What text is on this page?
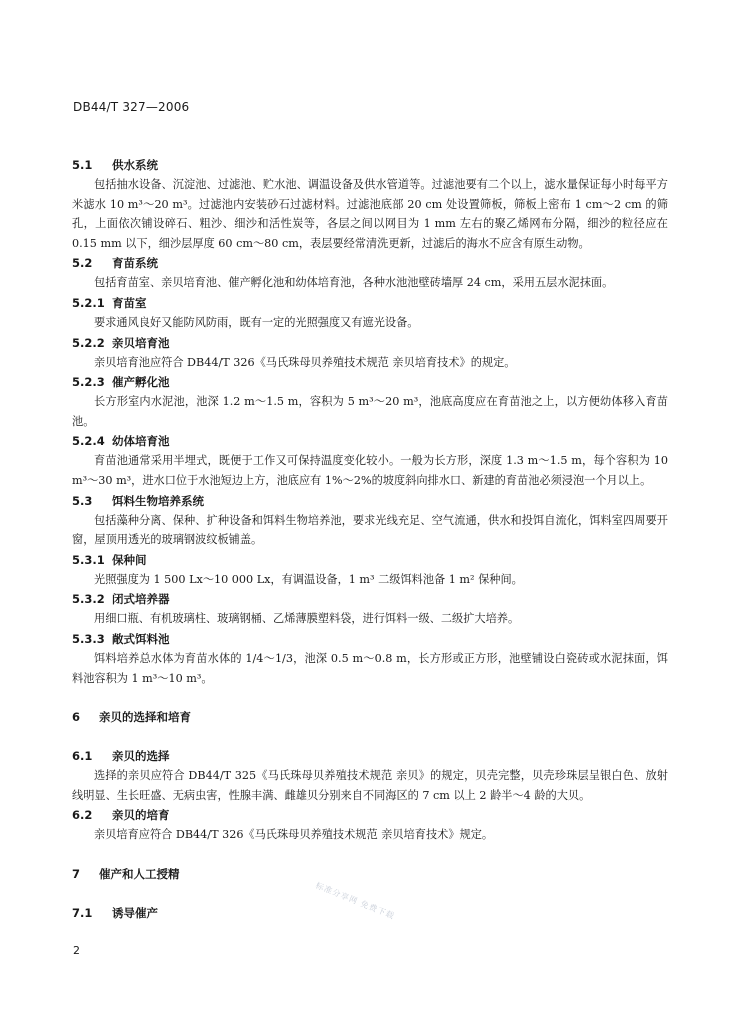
DB44/T 327—2006
5.1 供水系统

包括抽水设备、沉淀池、过滤池、贮水池、调温设备及供水管道等。过滤池要有二个以上，滤水量保证每小时每平方米滤水 10 m³～20 m³。过滤池内安装砂石过滤材料。过滤池底部 20 cm 处设置筛板，筛板上密布 1 cm～2 cm 的筛孔，上面依次铺设碎石、粗沙、细沙和活性炭等，各层之间以网目为 1 mm 左右的聚乙烯网布分隔，细沙的粒径应在 0.15 mm 以下，细沙层厚度 60 cm～80 cm，表层要经常清洗更新，过滤后的海水不应含有原生动物。

5.2 育苗系统

包括育苗室、亲贝培育池、催产孵化池和幼体培育池，各种水池池壁砖墙厚 24 cm，采用五层水泥抹面。

5.2.1 育苗室

要求通风良好又能防风防雨，既有一定的光照强度又有遮光设备。

5.2.2 亲贝培育池

亲贝培育池应符合 DB44/T 326《马氏珠母贝养殖技术规范 亲贝培育技术》的规定。

5.2.3 催产孵化池

长方形室内水泥池，池深 1.2 m～1.5 m，容积为 5 m³～20 m³，池底高度应在育苗池之上，以方便幼体移入育苗池。

5.2.4 幼体培育池

育苗池通常采用半埋式，既便于工作又可保持温度变化较小。一般为长方形，深度 1.3 m～1.5 m，每个容积为 10 m³～30 m³，进水口位于水池短边上方，池底应有 1%～2%的坡度斜向排水口、新建的育苗池必须浸泡一个月以上。

5.3 饵料生物培养系统

包括藻种分离、保种、扩种设备和饵料生物培养池，要求光线充足、空气流通，供水和投饵自流化，饵料室四周要开窗，屋顶用透光的玻璃钢波纹板铺盖。

5.3.1 保种间

光照强度为 1 500 Lx～10 000 Lx，有调温设备，1 m³ 二级饵料池备 1 m² 保种间。

5.3.2 闭式培养器

用细口瓶、有机玻璃柱、玻璃钢桶、乙烯薄膜塑料袋，进行饵料一级、二级扩大培养。

5.3.3 敞式饵料池

饵料培养总水体为育苗水体的 1/4～1/3，池深 0.5 m～0.8 m，长方形或正方形，池壁铺设白瓷砖或水泥抹面，饵料池容积为 1 m³～10 m³。

6 亲贝的选择和培育
6.1 亲贝的选择

选择的亲贝应符合 DB44/T 325《马氏珠母贝养殖技术规范 亲贝》的规定，贝壳完整，贝壳珍珠层呈银白色、放射线明显、生长旺盛、无病虫害，性腺丰满、雌雄贝分别来自不同海区的 7 cm 以上 2 龄半～4 龄的大贝。

6.2 亲贝的培育

亲贝培育应符合 DB44/T 326《马氏珠母贝养殖技术规范 亲贝培育技术》规定。

7 催产和人工授精
7.1 诱导催产	标准分享网 免费下载
2
